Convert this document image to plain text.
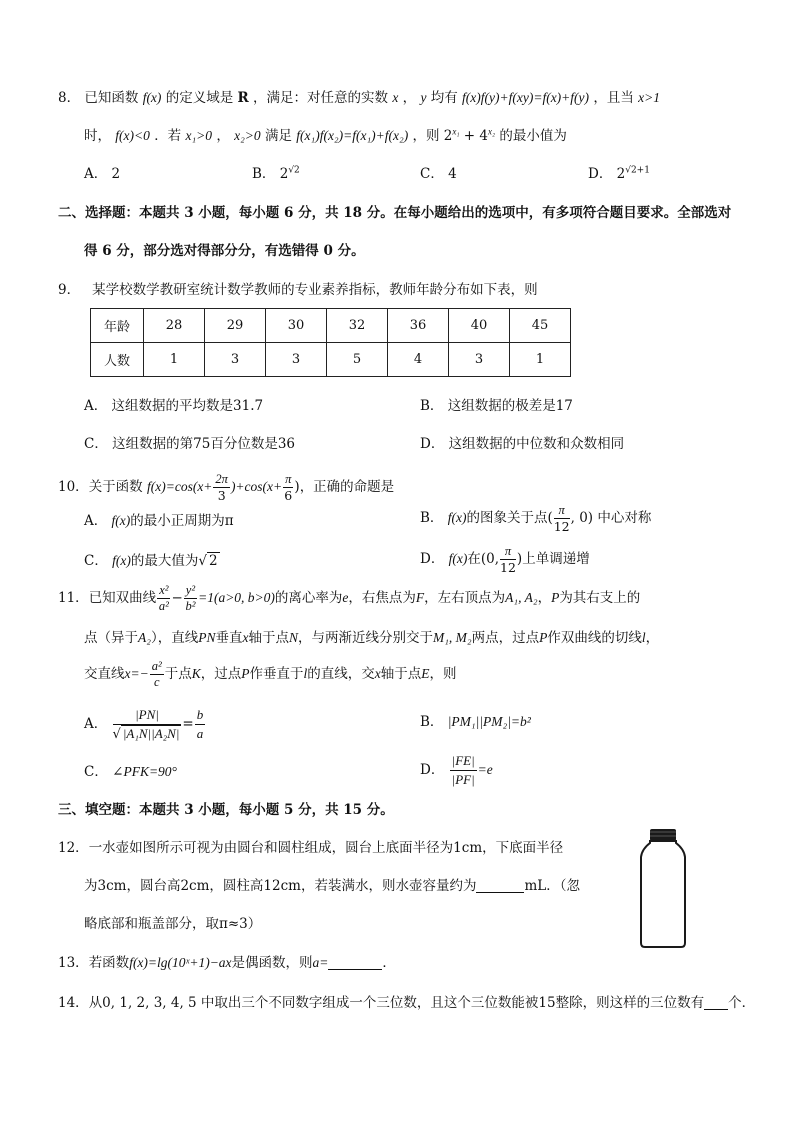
8． 已知函数 f(x) 的定义域是 R ，满足：对任意的实数 x ， y 均有 f(x)f(y)+f(xy)=f(x)+f(y) ，且当 x>1
时， f(x)<0 ．若 x₁>0 ， x₂>0 满足 f(x₁)f(x₂)=f(x₁)+f(x₂) ，则 $2^{x_1} + 4^{x_2}$ 的最小值为
A． 2	B． $2^{√2}$	C． 4	D． $2^{√2+1}$
二、选择题：本题共 3 小题，每小题 6 分，共 18 分。在每小题给出的选项中，有多项符合题目要求。全部选对
得 6 分，部分选对得部分分，有选错得 0 分。
9． 某学校数学教研室统计数学教师的专业素养指标，教师年龄分布如下表，则
年龄	28	29	30	32	36	40	45
人数	1	3	3	5	4	3	1
A． 这组数据的平均数是31.7	B． 这组数据的极差是17
C． 这组数据的第75百分位数是36	D． 这组数据的中位数和众数相同
10．关于函数 $f(x)=\cos(x+ \frac{2\pi}{3} )+\cos(x+ \frac{\pi}{6}$ )，正确的命题是
A． f(x)的最小正周期为π	B． f(x)的图象关于点( $\frac{\pi}{12}$ , 0) 中心对称
C． f(x)的最大值为√ 2	D． f(x)在(0, $\frac{\pi}{12}$ )上单调递增
11．已知双曲线 $\frac{\text{x²}}{\text{a²}} - \frac{\text{y²}}{\text{b²}} =1(a>0$, b>0)的离心率为e，右焦点为F，左右顶点为A₁, A₂，P为其右支上的
点（异于A₂），直线PN垂直x轴于点N，与两渐近线分别交于M₁, M₂两点，过点P作双曲线的切线l，
交直线$x=- \frac{\text{a²}}{c}$ 于点K，过点P作垂直于l的直线，交x轴于点E，则
A． $\frac{|PN|}{\text{√ |A₁N||A₂N|}} = \frac{b}{a}$	B． |PM₁||PM₂|=b²
C． ∠PFK=90°	D． $\frac{|FE|}{|PF|} =e$
三、填空题：本题共 3 小题，每小题 5 分，共 15 分。
12．一水壶如图所示可视为由圆台和圆柱组成，圆台上底面半径为1cm，下底面半径
为3cm，圆台高2cm，圆柱高12cm，若装满水，则水壶容量约为	mL．（忽
略底部和瓶盖部分，取π≈3）
13．若函数f(x)=lg(10ˣ+1)−ax是偶函数，则a=	．
14．从0, 1, 2, 3, 4, 5 中取出三个不同数字组成一个三位数，且这个三位数能被15整除，则这样的三位数有 个．
